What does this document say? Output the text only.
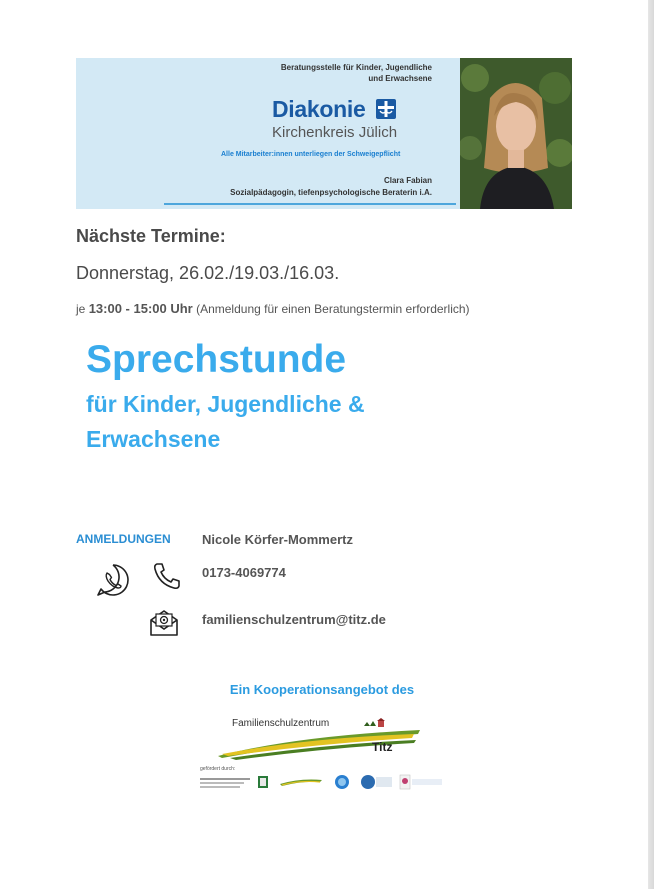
Beratungsstelle für Kinder, Jugendliche
und Erwachsene
Diakonie
Kirchenkreis Jülich
Alle Mitarbeiter:innen unterliegen der Schweigepflicht
Clara Fabian
Sozialpädagogin, tiefenpsychologische Beraterin i.A.
Nächste Termine:
Donnerstag, 26.02./19.03./16.03.
je 13:00 - 15:00 Uhr (Anmeldung für einen Beratungstermin erforderlich)
Sprechstunde
für Kinder, Jugendliche &
Erwachsene
ANMELDUNGEN Nicole Körfer-Mommertz
0173-4069774
familienschulzentrum@titz.de
Ein Kooperationsangebot des
Familienschulzentrum
Titz
gefördert durch:
